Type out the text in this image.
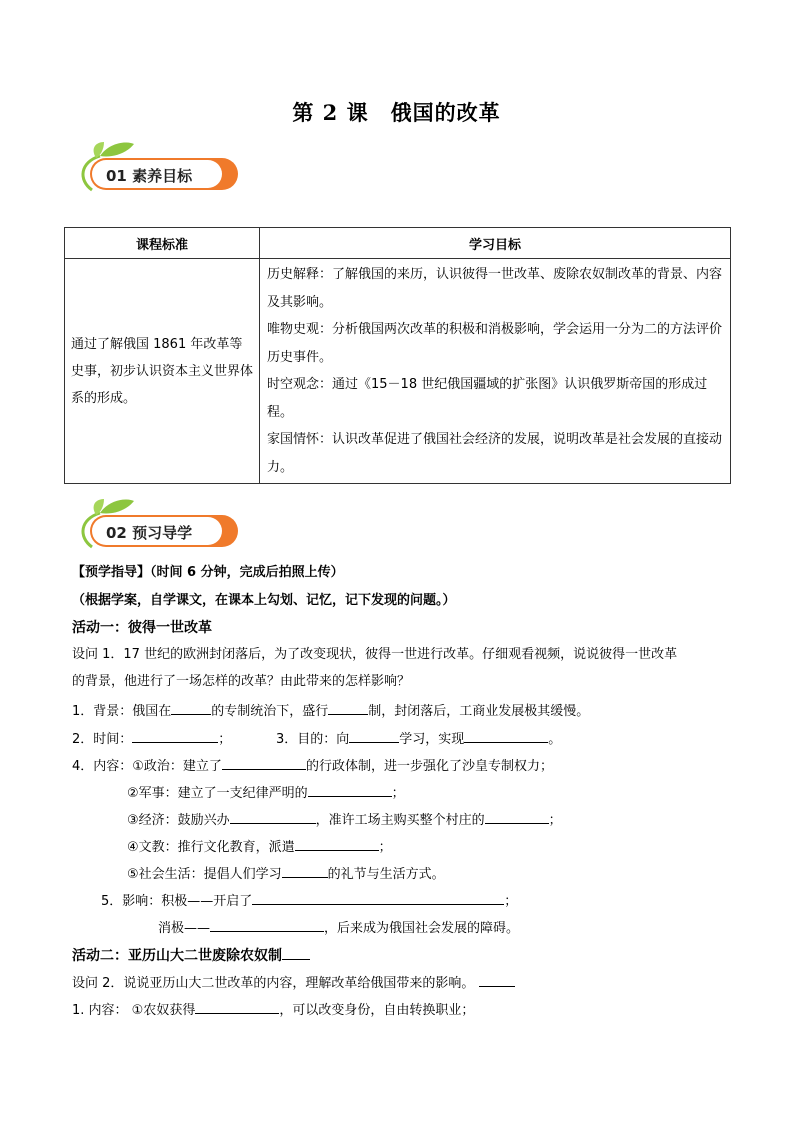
第 2 课　俄国的改革
01 素养目标
课程标准	学习目标
通过了解俄国 1861 年改革等史事，初步认识资本主义世界体系的形成。	历史解释：了解俄国的来历，认识彼得一世改革、废除农奴制改革的背景、内容及其影响。
唯物史观：分析俄国两次改革的积极和消极影响，学会运用一分为二的方法评价历史事件。
时空观念：通过《15－18 世纪俄国疆域的扩张图》认识俄罗斯帝国的形成过程。
家国情怀：认识改革促进了俄国社会经济的发展，说明改革是社会发展的直接动力。
02 预习导学
【预学指导】（时间 6 分钟，完成后拍照上传）
（根据学案，自学课文，在课本上勾划、记忆，记下发现的问题。）
活动一：彼得一世改革
设问 1．17 世纪的欧洲封闭落后，为了改变现状，彼得一世进行改革。仔细观看视频，说说彼得一世改革
的背景，他进行了一场怎样的改革？由此带来的怎样影响？
1．背景：俄国在	的专制统治下，盛行	制，封闭落后，工商业发展极其缓慢。
2．时间：	；	3．目的：向	学习，实现	。
4．内容：①政治：建立了	的行政体制，进一步强化了沙皇专制权力；
②军事：建立了一支纪律严明的	；
③经济：鼓励兴办	，准许工场主购买整个村庄的	；
④文教：推行文化教育，派遣	；
⑤社会生活：提倡人们学习	的礼节与生活方式。
5．影响：积极——开启了	；
消极——	，后来成为俄国社会发展的障碍。
活动二：亚历山大二世废除农奴制
设问 2．说说亚历山大二世改革的内容，理解改革给俄国带来的影响。
1. 内容： ①农奴获得	，可以改变身份，自由转换职业；
